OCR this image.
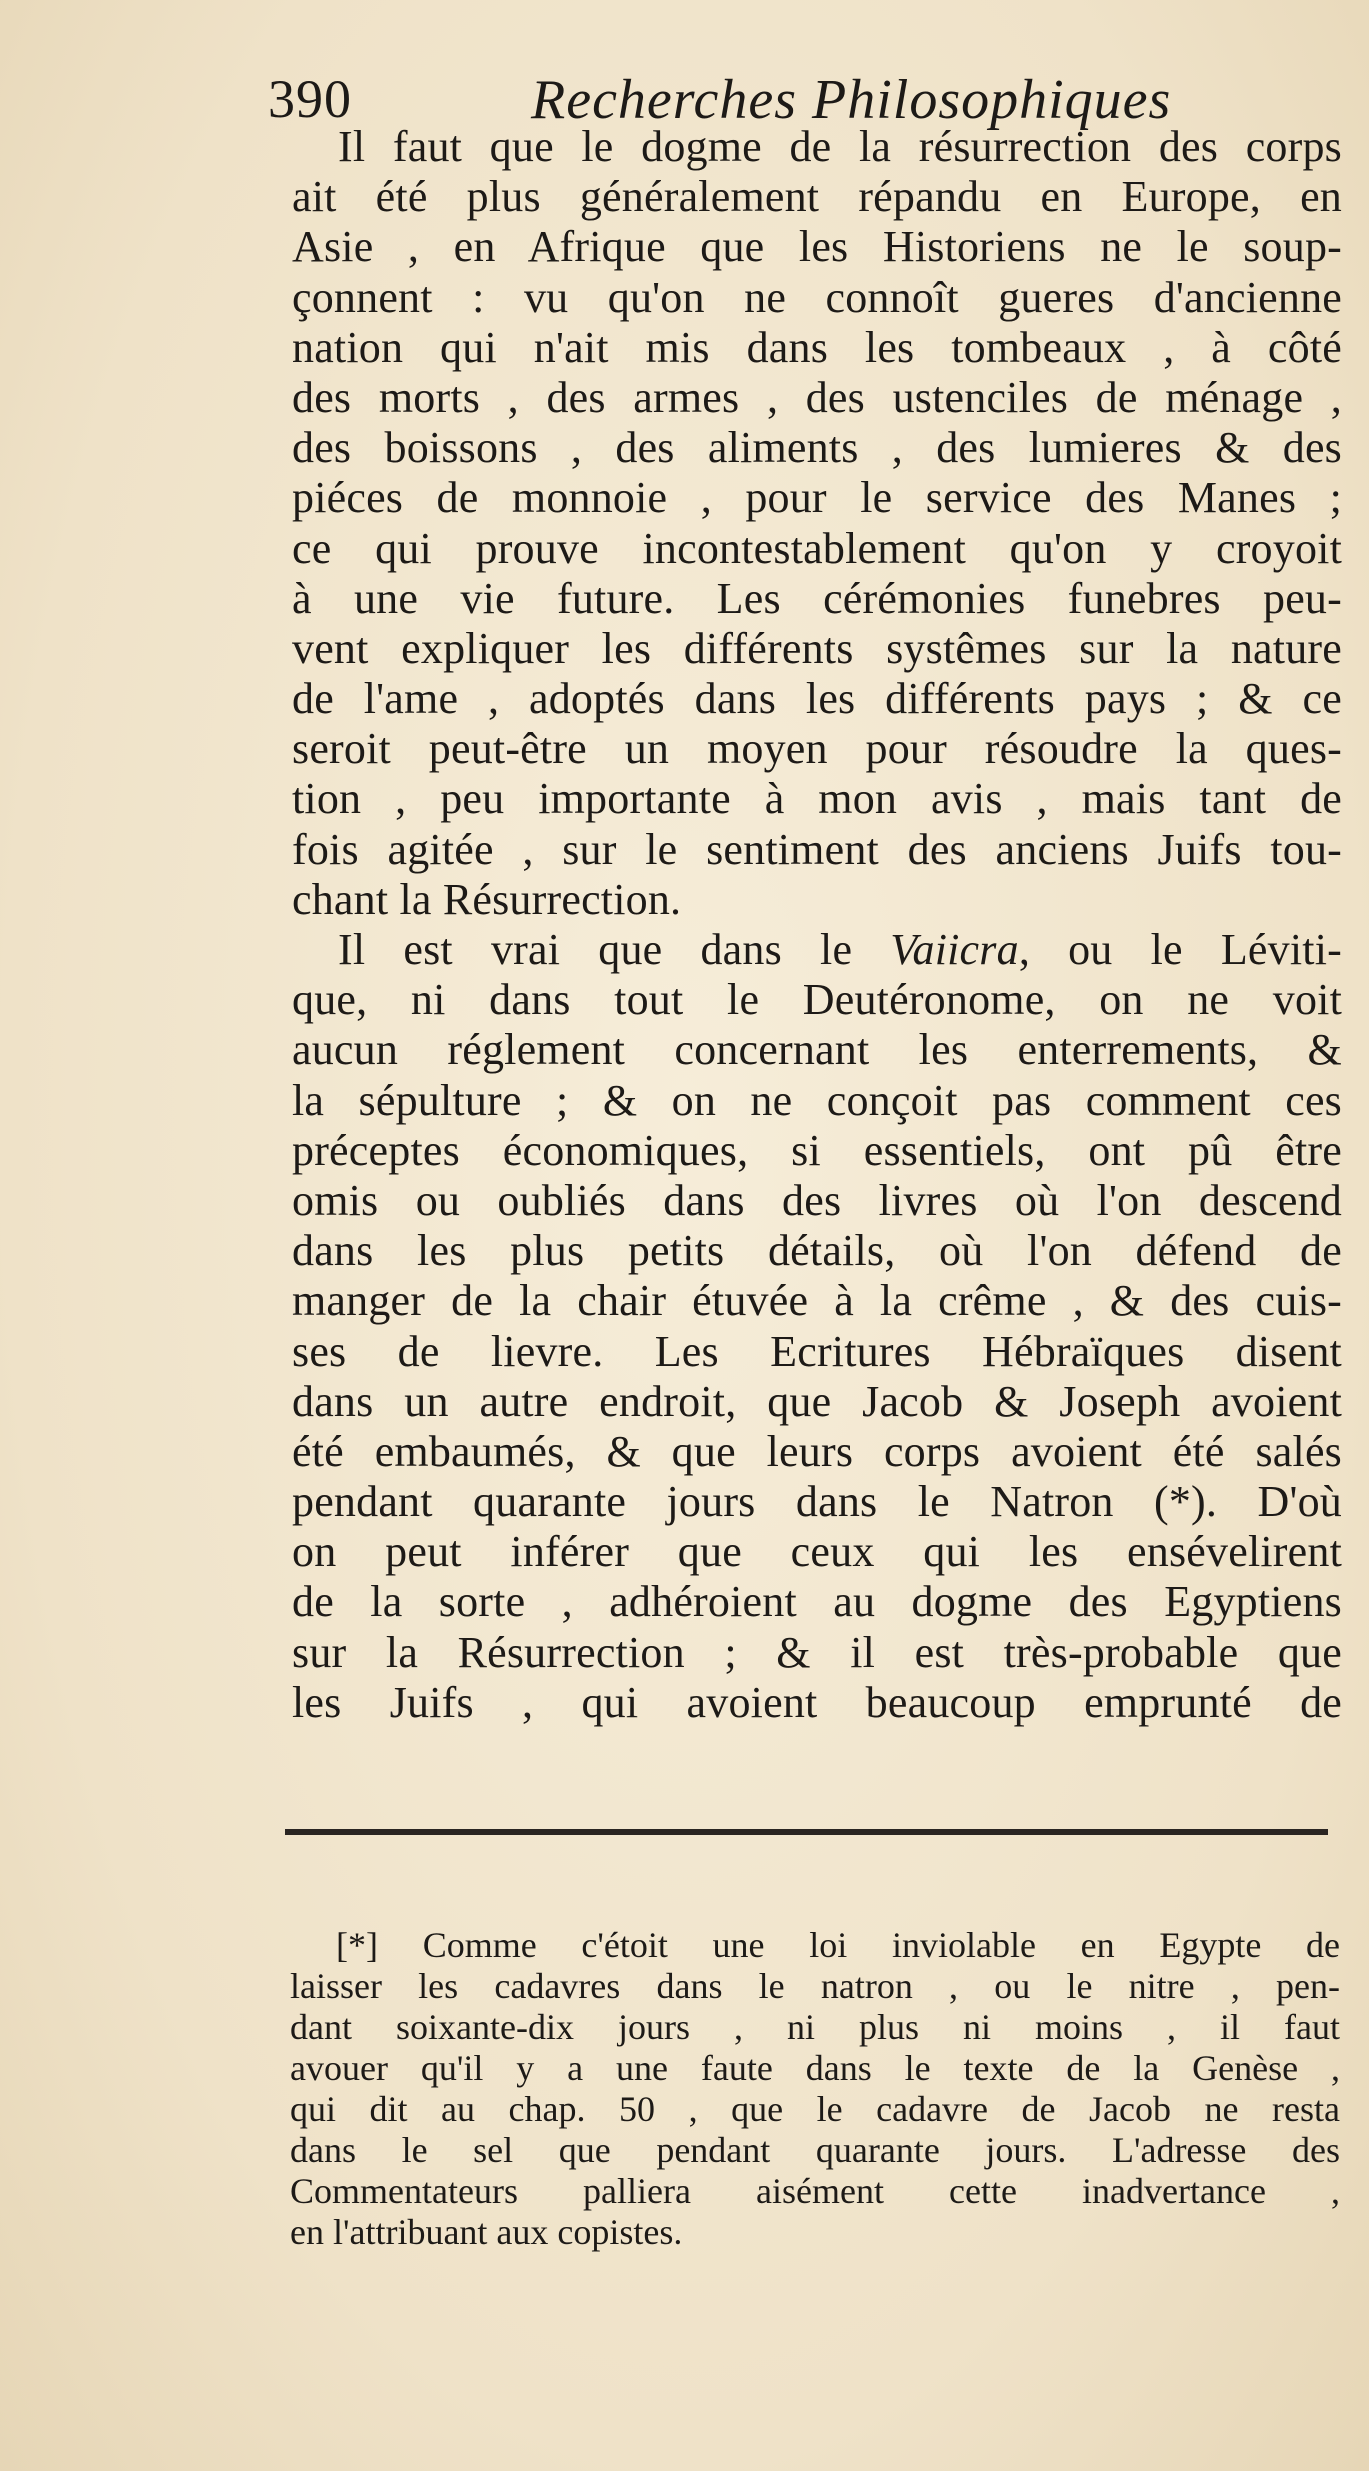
390	Recherches Philosophiques
Il faut que le dogme de la résurrection des corps
ait été plus généralement répandu en Europe, en
Asie , en Afrique que les Historiens ne le soup-
çonnent : vu qu'on ne connoît gueres d'ancienne
nation qui n'ait mis dans les tombeaux , à côté
des morts , des armes , des ustenciles de ménage ,
des boissons , des aliments , des lumieres & des
piéces de monnoie , pour le service des Manes ;
ce qui prouve incontestablement qu'on y croyoit
à une vie future. Les cérémonies funebres peu-
vent expliquer les différents systêmes sur la nature
de l'ame , adoptés dans les différents pays ; & ce
seroit peut-être un moyen pour résoudre la ques-
tion , peu importante à mon avis , mais tant de
fois agitée , sur le sentiment des anciens Juifs tou-
chant la Résurrection.
Il est vrai que dans le Vaiicra, ou le Léviti-
que, ni dans tout le Deutéronome, on ne voit
aucun réglement concernant les enterrements, &
la sépulture ; & on ne conçoit pas comment ces
préceptes économiques, si essentiels, ont pû être
omis ou oubliés dans des livres où l'on descend
dans les plus petits détails, où l'on défend de
manger de la chair étuvée à la crême , & des cuis-
ses de lievre. Les Ecritures Hébraïques disent
dans un autre endroit, que Jacob & Joseph avoient
été embaumés, & que leurs corps avoient été salés
pendant quarante jours dans le Natron (*). D'où
on peut inférer que ceux qui les ensévelirent
de la sorte , adhéroient au dogme des Egyptiens
sur la Résurrection ; & il est très-probable que
les Juifs , qui avoient beaucoup emprunté de
[*] Comme c'étoit une loi inviolable en Egypte de
laisser les cadavres dans le natron , ou le nitre , pen-
dant soixante-dix jours , ni plus ni moins , il faut
avouer qu'il y a une faute dans le texte de la Genèse ,
qui dit au chap. 50 , que le cadavre de Jacob ne resta
dans le sel que pendant quarante jours. L'adresse des
Commentateurs palliera aisément cette inadvertance ,
en l'attribuant aux copistes.
